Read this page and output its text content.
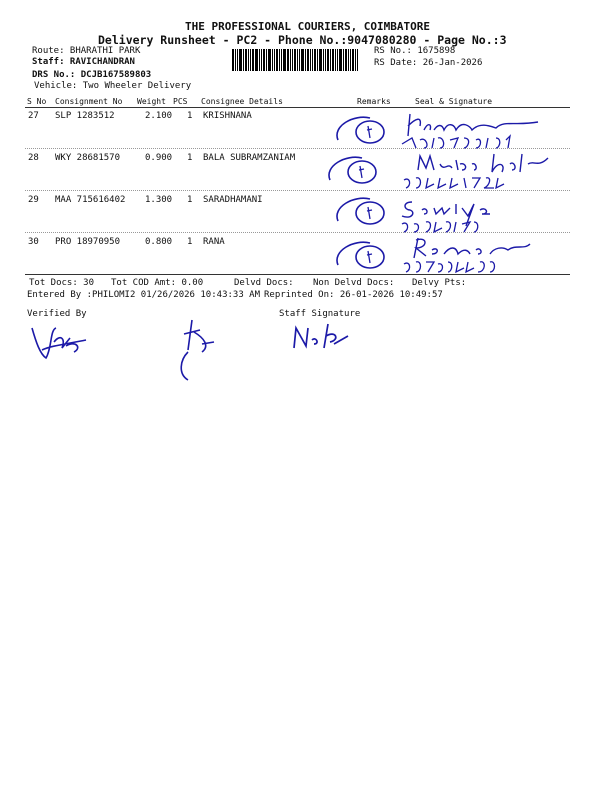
THE PROFESSIONAL COURIERS, COIMBATORE
Delivery Runsheet - PC2 - Phone No.:9047080280 - Page No.:3
Route: BHARATHI PARK
Staff: RAVICHANDRAN
DRS No.: DCJB167589803
Vehicle: Two Wheeler Delivery
RS No.: 1675898
RS Date: 26-Jan-2026
S No Consignment No Weight PCS Consignee Details	Remarks	Seal & Signature
27 SLP 1283512	2.100 1 KRISHNANA
28 WKY 28681570	0.900 1 BALA SUBRAMZANIAM
29 MAA 715616402 1.300 1 SARADHAMANI
30 PRO 18970950	0.800 1 RANA
Tot Docs: 30 Tot COD Amt: 0.00	Delvd Docs: Non Delvd Docs: Delvy Pts:
Entered By :PHILOMI2 01/26/2026 10:43:33 AM Reprinted On: 26-01-2026 10:49:57
Verified By	Staff Signature
